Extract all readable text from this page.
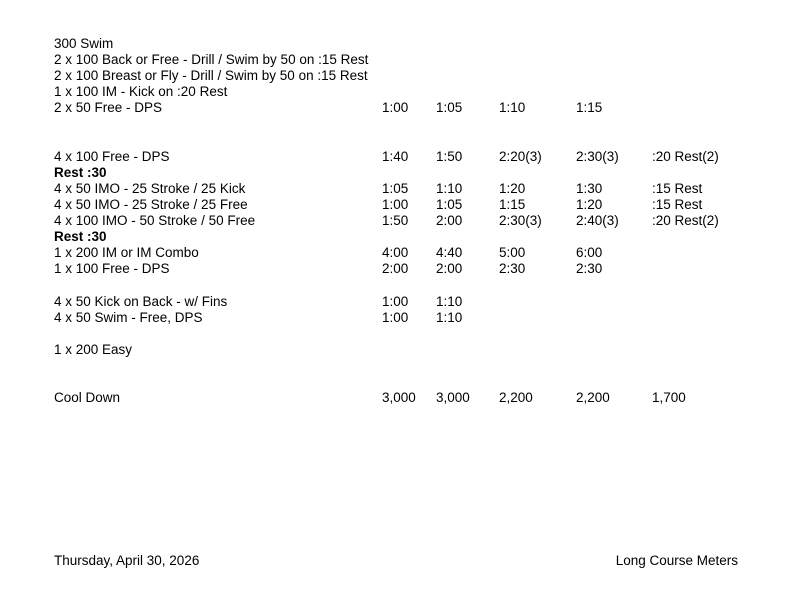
300 Swim
2 x 100 Back or Free - Drill / Swim by 50 on :15 Rest
2 x 100 Breast or Fly - Drill / Swim by 50 on :15 Rest
1 x 100 IM - Kick on :20 Rest
2 x 50 Free - DPS	1:00 1:05	1:10	1:15
4 x 100 Free - DPS	1:40 1:50	2:20(3)	2:30(3) :20 Rest(2)
Rest :30
4 x 50 IMO - 25 Stroke / 25 Kick	1:05 1:10	1:20	1:30	:15 Rest
4 x 50 IMO - 25 Stroke / 25 Free	1:00 1:05	1:15	1:20	:15 Rest
4 x 100 IMO - 50 Stroke / 50 Free	1:50 2:00	2:30(3)	2:40(3) :20 Rest(2)
Rest :30
1 x 200 IM or IM Combo	4:00 4:40	5:00	6:00
1 x 100 Free - DPS	2:00 2:00	2:30	2:30
4 x 50 Kick on Back - w/ Fins	1:00 1:10
4 x 50 Swim - Free, DPS	1:00 1:10
1 x 200 Easy
Cool Down	3,000 3,000 2,200	2,200	1,700
Thursday, April 30, 2026	Long Course Meters
